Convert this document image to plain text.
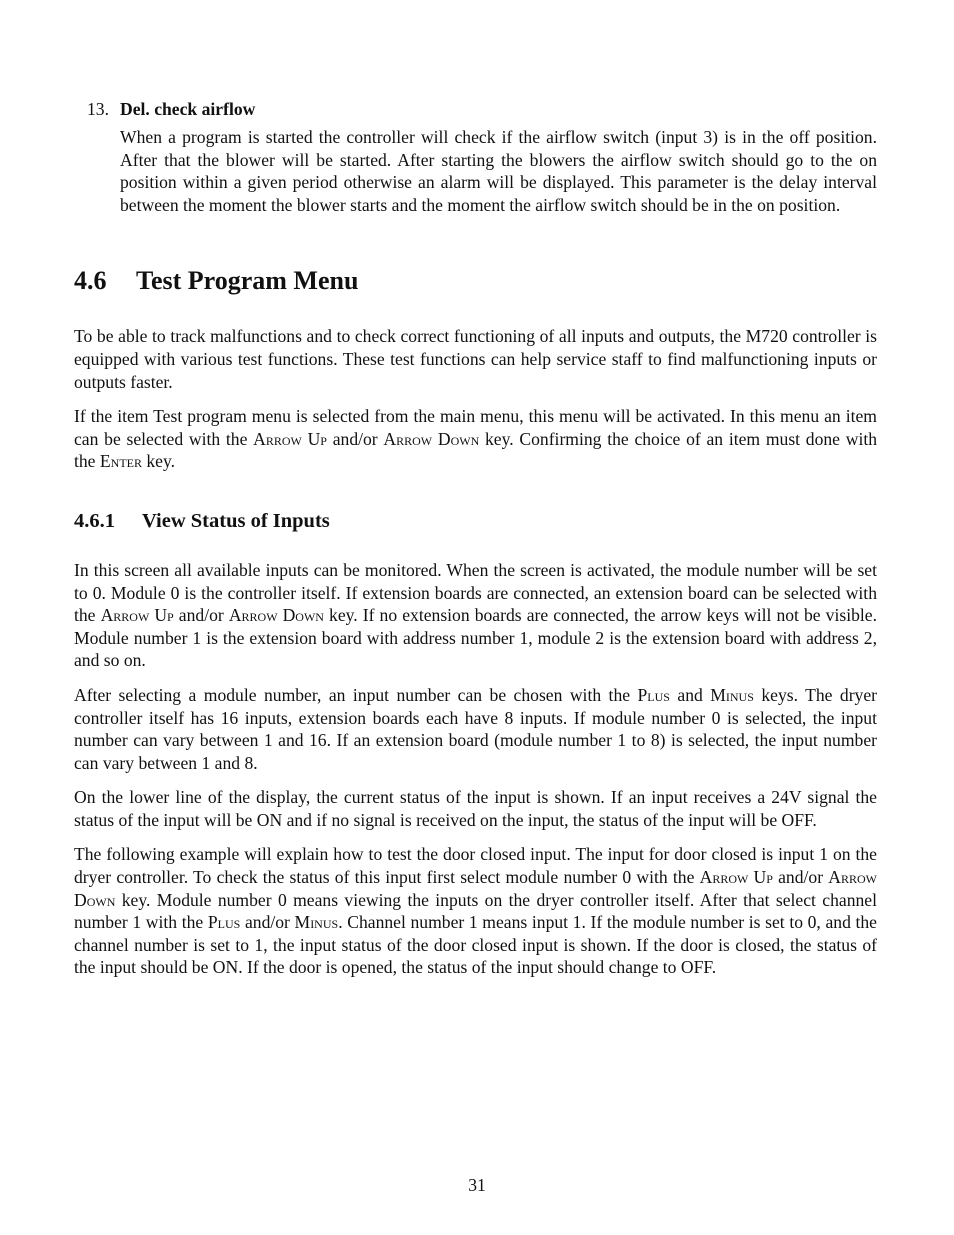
13. Del. check airflow

When a program is started the controller will check if the airflow switch (input 3) is in the off position. After that the blower will be started. After starting the blowers the airflow switch should go to the on position within a given period otherwise an alarm will be displayed. This parameter is the delay interval between the moment the blower starts and the moment the airflow switch should be in the on position.

4.6 Test Program Menu

To be able to track malfunctions and to check correct functioning of all inputs and outputs, the M720 controller is equipped with various test functions. These test functions can help service staff to find malfunctioning inputs or outputs faster.

If the item Test program menu is selected from the main menu, this menu will be activated. In this menu an item can be selected with the Arrow Up and/or Arrow Down key. Confirming the choice of an item must done with the Enter key.

4.6.1 View Status of Inputs

In this screen all available inputs can be monitored. When the screen is activated, the module number will be set to 0. Module 0 is the controller itself. If extension boards are connected, an extension board can be selected with the Arrow Up and/or Arrow Down key. If no extension boards are connected, the arrow keys will not be visible. Module number 1 is the extension board with address number 1, module 2 is the extension board with address 2, and so on.

After selecting a module number, an input number can be chosen with the Plus and Minus keys. The dryer controller itself has 16 inputs, extension boards each have 8 inputs. If module number 0 is selected, the input number can vary between 1 and 16. If an extension board (module number 1 to 8) is selected, the input number can vary between 1 and 8.

On the lower line of the display, the current status of the input is shown. If an input receives a 24V signal the status of the input will be ON and if no signal is received on the input, the status of the input will be OFF.

The following example will explain how to test the door closed input. The input for door closed is input 1 on the dryer controller. To check the status of this input first select module number 0 with the Arrow Up and/or Arrow Down key. Module number 0 means viewing the inputs on the dryer controller itself. After that select channel number 1 with the Plus and/or Minus. Channel number 1 means input 1. If the module number is set to 0, and the channel number is set to 1, the input status of the door closed input is shown. If the door is closed, the status of the input should be ON. If the door is opened, the status of the input should change to OFF.

31
